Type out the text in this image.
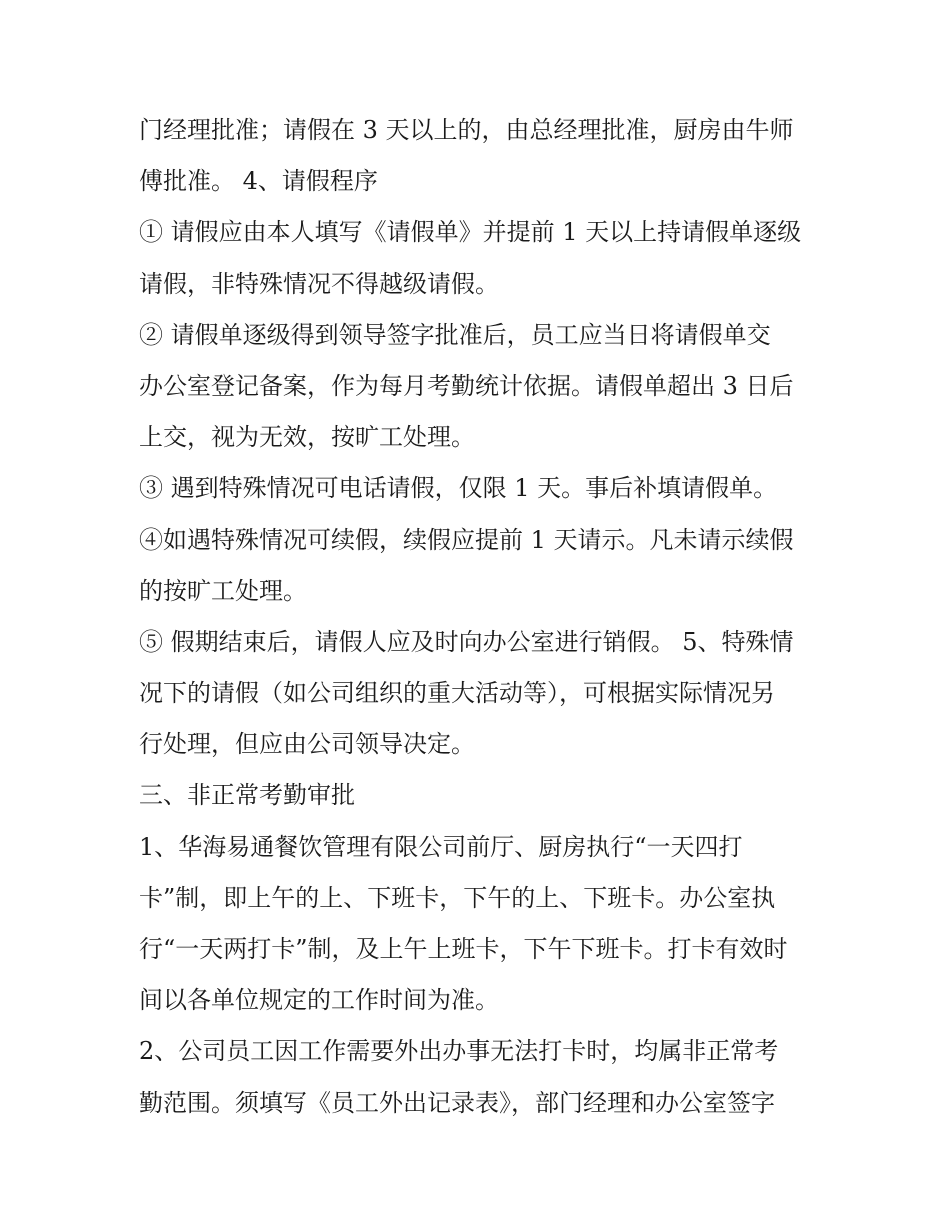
门经理批准；请假在 3 天以上的，由总经理批准，厨房由牛师
傅批准。 4、请假程序
① 请假应由本人填写《请假单》并提前 1 天以上持请假单逐级
请假，非特殊情况不得越级请假。
② 请假单逐级得到领导签字批准后，员工应当日将请假单交
办公室登记备案，作为每月考勤统计依据。请假单超出 3 日后
上交，视为无效，按旷工处理。
③ 遇到特殊情况可电话请假，仅限 1 天。事后补填请假单。
④如遇特殊情况可续假，续假应提前 1 天请示。凡未请示续假
的按旷工处理。
⑤ 假期结束后，请假人应及时向办公室进行销假。 5、特殊情
况下的请假（如公司组织的重大活动等），可根据实际情况另
行处理，但应由公司领导决定。
三、非正常考勤审批
1、华海易通餐饮管理有限公司前厅、厨房执行“一天四打
卡”制，即上午的上、下班卡，下午的上、下班卡。办公室执
行“一天两打卡”制，及上午上班卡，下午下班卡。打卡有效时
间以各单位规定的工作时间为准。
2、公司员工因工作需要外出办事无法打卡时，均属非正常考
勤范围。须填写《员工外出记录表》，部门经理和办公室签字
